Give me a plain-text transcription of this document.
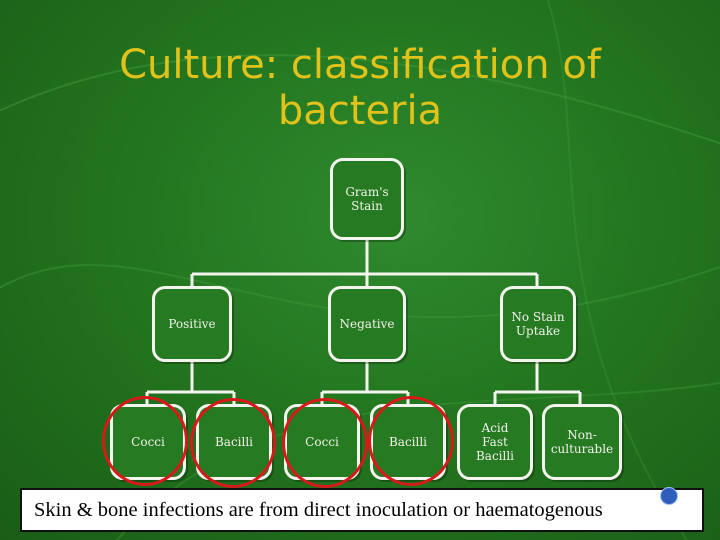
Culture: classification of bacteria
Gram's Stain
Positive	Negative	No Stain Uptake
Cocci	Bacilli	Cocci	Bacilli
Acid Fast Bacilli
Non-culturable
Skin & bone infections are from direct inoculation or haematogenous
